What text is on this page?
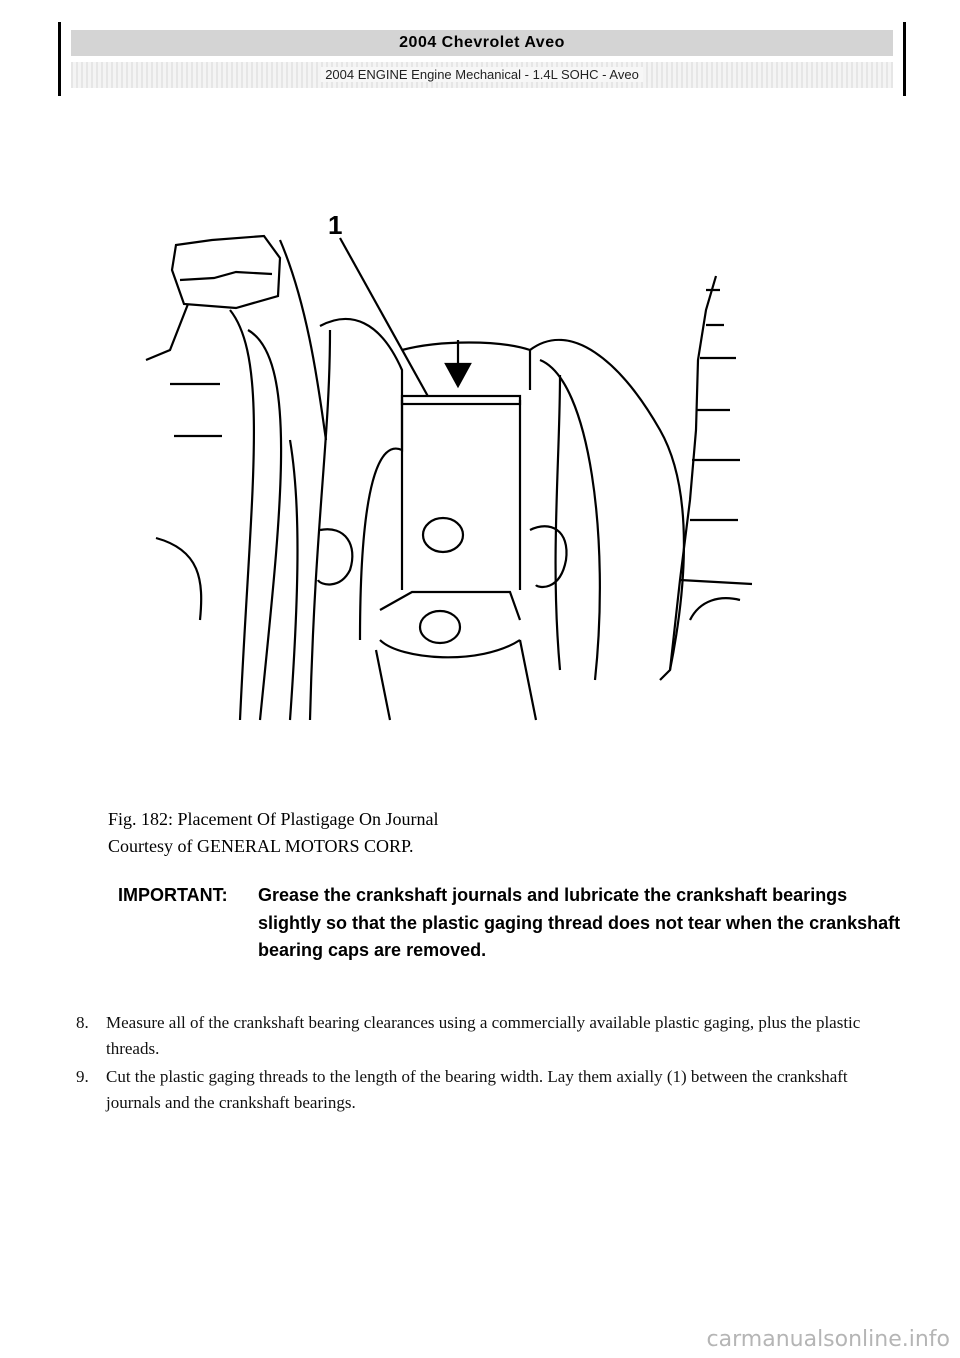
2004 Chevrolet Aveo
2004 ENGINE Engine Mechanical - 1.4L SOHC - Aveo
1
Fig. 182: Placement Of Plastigage On Journal
Courtesy of GENERAL MOTORS CORP.
IMPORTANT:	Grease the crankshaft journals and lubricate the crankshaft bearings slightly so that the plastic gaging thread does not tear when the crankshaft bearing caps are removed.
8.	Measure all of the crankshaft bearing clearances using a commercially available plastic gaging, plus the plastic threads.
9.	Cut the plastic gaging threads to the length of the bearing width. Lay them axially (1) between the crankshaft journals and the crankshaft bearings.
carmanualsonline.info
